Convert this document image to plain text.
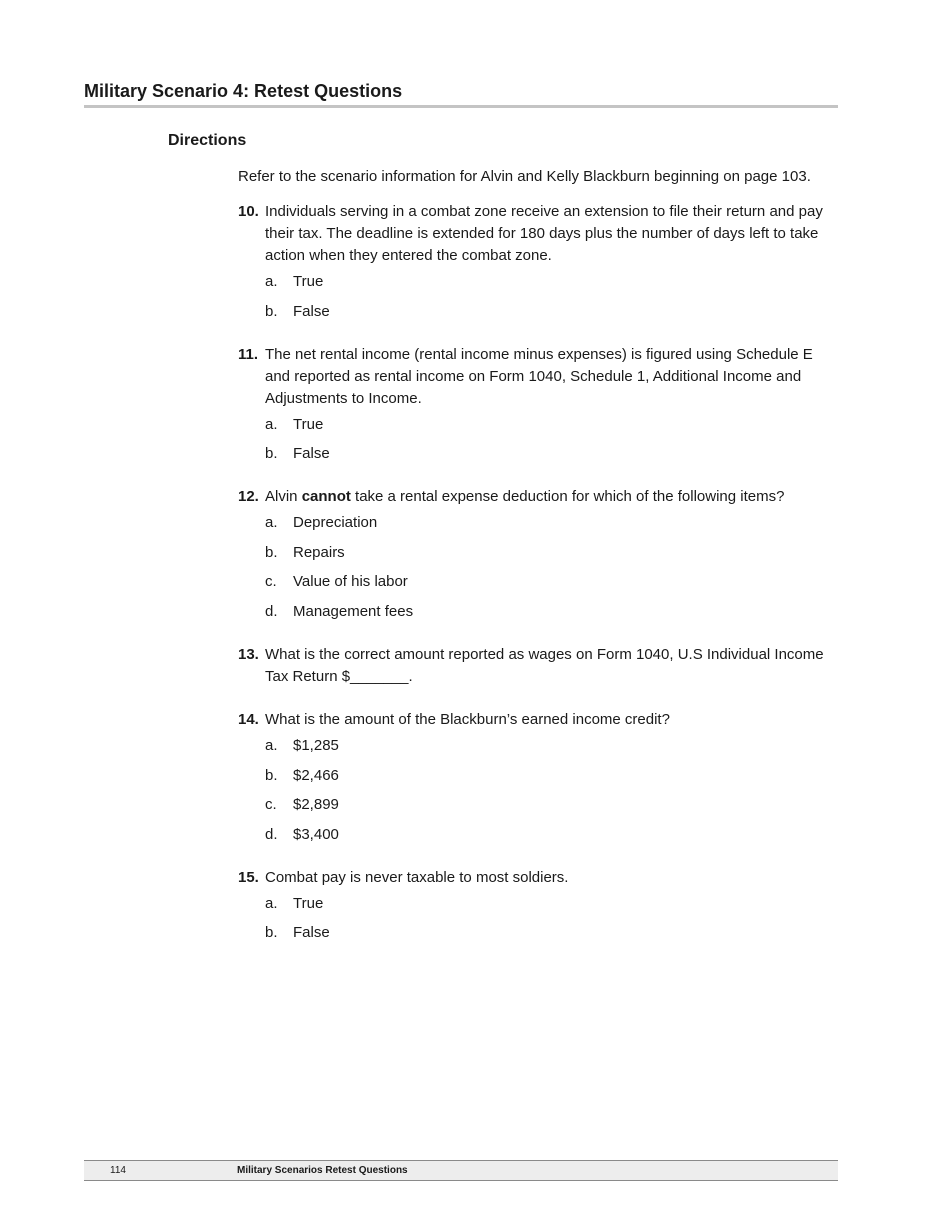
Military Scenario 4: Retest Questions
Directions

Refer to the scenario information for Alvin and Kelly Blackburn beginning on page 103.

10. Individuals serving in a combat zone receive an extension to file their return and pay their tax. The deadline is extended for 180 days plus the number of days left to take action when they entered the combat zone.
a. True
b. False
11. The net rental income (rental income minus expenses) is figured using Schedule E and reported as rental income on Form 1040, Schedule 1, Additional Income and Adjustments to Income.
a. True
b. False
12. Alvin cannot take a rental expense deduction for which of the following items?
a. Depreciation
b. Repairs
c. Value of his labor
d. Management fees
13. What is the correct amount reported as wages on Form 1040, U.S Individual Income Tax Return $_______.
14. What is the amount of the Blackburn’s earned income credit?
a. $1,285
b. $2,466
c. $2,899
d. $3,400
15. Combat pay is never taxable to most soldiers.
a. True
b. False
114	Military Scenarios Retest Questions
